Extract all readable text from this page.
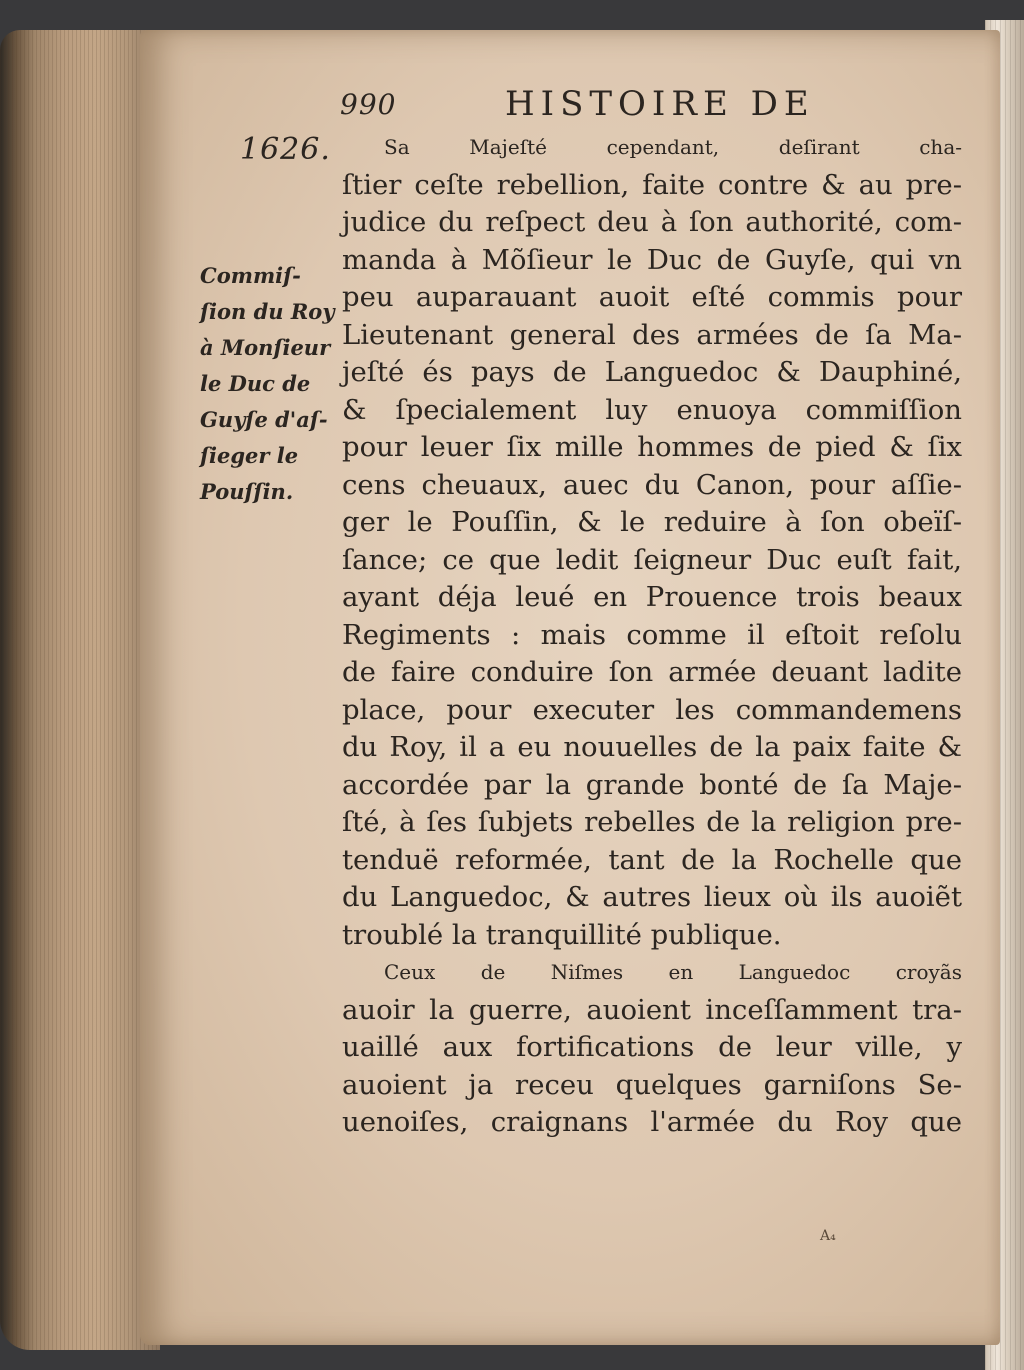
990	HISTOIRE DE
1626.
Commiſ-
ſion du Roy
à Monſieur
le Duc de
Guyſe d'aſ-
ſieger le
Pouſſin.
Sa Majeſté cependant, deſirant cha-
ſtier ceſte rebellion, faite contre & au pre-
judice du reſpect deu à ſon authorité, com-
manda à Mõſieur le Duc de Guyſe, qui vn
peu auparauant auoit eſté commis pour
Lieutenant general des armées de ſa Ma-
jeſté és pays de Languedoc & Dauphiné,
& ſpecialement luy enuoya commiſſion
pour leuer ſix mille hommes de pied & ſix
cens cheuaux, auec du Canon, pour aſſie-
ger le Pouſſin, & le reduire à ſon obeïſ-
ſance; ce que ledit ſeigneur Duc euſt fait,
ayant déja leué en Prouence trois beaux
Regiments : mais comme il eſtoit reſolu
de faire conduire ſon armée deuant ladite
place, pour executer les commandemens
du Roy, il a eu nouuelles de la paix faite &
accordée par la grande bonté de ſa Maje-
ſté, à ſes ſubjets rebelles de la religion pre-
tenduë reformée, tant de la Rochelle que
du Languedoc, & autres lieux où ils auoiẽt
troublé la tranquillité publique.
Ceux de Niſmes en Languedoc croyãs
auoir la guerre, auoient inceſſamment tra-
uaillé aux fortifications de leur ville, y
auoient ja receu quelques garniſons Se-
uenoiſes, craignans l'armée du Roy que
A₄
